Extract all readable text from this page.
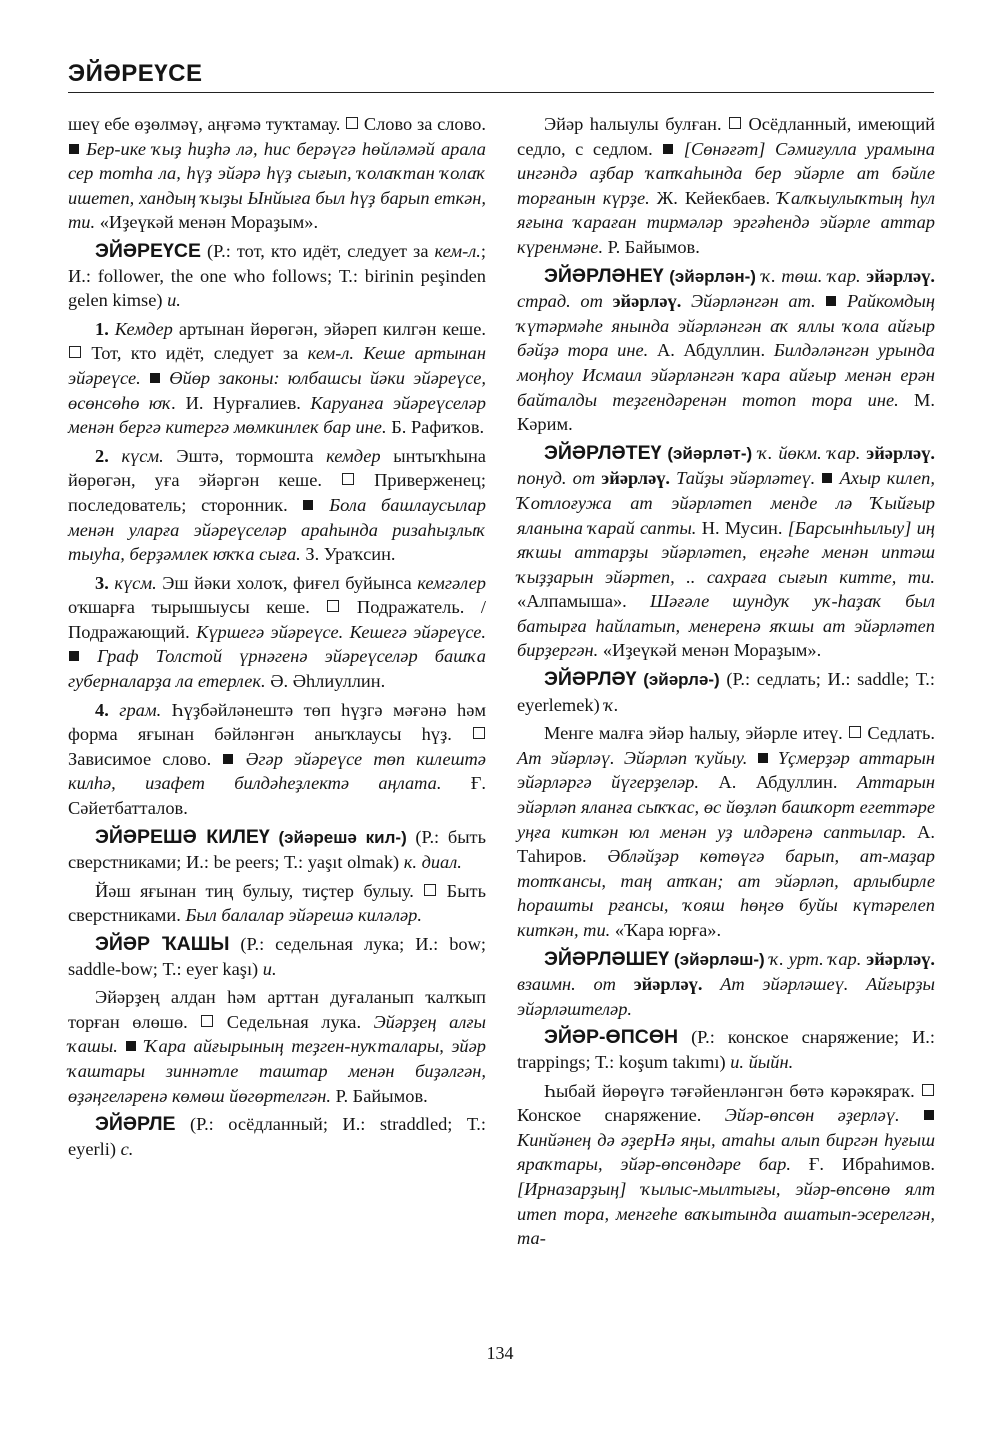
ЭЙӘРЕҮСЕ

шеү ебе өҙөлмәү, аңғәмә туҡтамау. Слово за слово.  Бер-ике ҡыҙ һиҙһә лә, һис берәүгә һөйләмәй арала сер тотһа ла, һүҙ эйәрә һүҙ сығып, ҡолаҡтан ҡолаҡ ишетеп, хандың ҡыҙы Ынйыға был һүҙ барып еткән, ти. «Иҙеүкәй менән Мораҙым».

ЭЙӘРЕҮСЕ (Р.: тот, кто идёт, следует за кем-л.; И.: follower, the one who follows; Т.: birinin peşinden gelen kimse) и.

1. Кемдер артынан йөрөгән, эйәреп килгән кеше.  Тот, кто идёт, следует за кем-л. Кеше артынан эйәреүсе. Өйөр законы: юлбашсы йәки эйәреүсе, өсөнсөһө юҡ. И. Нурғалиев. Каруанға эйәреүселәр менән бергә китергә мөмкинлек бар ине. Б. Рафиҡов.

2. күсм. Эштә, тормошта кемдер ынтыҡһына йөрөгән, уға эйәргән кеше.	Приверженец; последователь; сторонник. Бола башлаусылар менән уларға эйәреүселәр араһында ризаһыҙлыҡ тыуһа, берҙәмлек юҡҡа сыға. З. Ураҡсин.

3. күсм. Эш йәки холоҡ, фиғел буйынса кемгәлер оҡшарға тырышыусы кеше.	Подражатель. / Подражающий. Күршегә эйәреүсе. Кешегә эйәреүсе.  Граф Толстой үрнәгенә эйәреүселәр башҡа губерналарҙа ла етерлек. Ә. Әһлиуллин.

4. грам. Һүҙбәйләнештә төп һүҙгә мәғәнә һәм форма яғынан бәйләнгән аныҡлаусы һүҙ.  Зависимое слово. Әгәр эйәреүсе төп килештә килһә, изафет билдәһеҙлектә аңлата. Ғ. Сәйетбатталов.

ЭЙӘРЕШӘ КИЛЕҮ (эйәрешә кил-) (Р.: быть сверстниками; И.: be peers; Т.: yaşıt olmak) к. диал.

Йәш яғынан тиң булыу, тиҫтер булыу. Быть сверстниками. Был балалар эйәрешә киләләр.

ЭЙӘР ҠАШЫ (Р.: седельная лука; И.: bow; saddle-bow; Т.: eyer kaşı) и.

Эйәрҙең алдан һәм арттан дуғаланып ҡалҡып торған өлөшө. Седельная лука. Эйәрҙең алғы ҡашы. Ҡара айғырының теҙген-нуҡталары, эйәр ҡаштары зиннәтле таштар менән биҙәлгән, өҙәңгеләренә көмөш йөгөртелгән. Р. Байымов.

ЭЙӘРЛЕ (Р.: осёдланный; И.: straddled; Т.: eyerli) с.

Эйәр һалыулы булған. Осёдланный, имеющий седло, с седлом. [Сөнәғәт] Сәмиғулла урамына ингәндә аҙбар ҡапҡаһында бер эйәрле ат бәйле торғанын күрҙе. Ж. Кейекбаев. Ҡалҡыулыҡтың һул яғына ҡараған тирмәләр эргәһендә эйәрле аттар күренмәне. Р. Байымов.

ЭЙӘРЛӘНЕҮ (эйәрлән-) ҡ. төш. ҡар. эйәрләү. страд. от эйәрләү. Эйәрләнгән ат. Райкомдың ҡүтәрмәһе янында эйәрләнгән аҡ яллы ҡола айғыр бәйҙә тора ине. А. Абдуллин. Билдәләнгән урында моңһоу Исмаил эйәрләнгән ҡара айғыр менән ерән байталды теҙгендәренән тотоп тора ине. М. Кәрим.

ЭЙӘРЛӘТЕҮ (эйәрләт-) ҡ. йөкм. ҡар. эйәрләү. понуд. от эйәрләү. Тайҙы эйәрләтеү. Ахыр килеп, Ҡотлоғужа ат эйәрләтеп менде лә Ҡыйғыр яланына ҡарай сапты. Н. Мусин. [Барсынһылыу] иң яҡшы аттарҙы эйәрләтеп, еңгәһе менән иптәш ҡыҙҙарын эйәртеп, .. сахраға сығып китте, ти. «Алпамыша». Шәғәле шундуҡ уҡ-һаҙаҡ был батырға һайлатып, менеренә яҡшы ат эйәрләтеп бирҙергән. «Иҙеүкәй менән Мораҙым».

ЭЙӘРЛӘҮ (эйәрлә-) (Р.: седлать; И.: saddle; Т.: eyerlemek) ҡ.

Менге малға эйәр һалыу, эйәрле итеү. Седлать. Ат эйәрләү. Эйәрләп ҡуйыу. Үҫмерҙәр аттарын эйәрләргә йүгерҙеләр. А. Абдуллин. Аттарын эйәрләп яланға сыҡҡас, өс йөҙләп башҡорт егеттәре уңға киткән юл менән уҙ илдәренә саптылар. А. Таһиров. Әбләйҙәр көтөүгә барып, ат-маҙар тотҡансы, таң атҡан; ат эйәрләп, арлыбирле һорашты рғансы, ҡояш һөңгө буйы күтәрелеп киткән, ти. «Ҡара юрға».

ЭЙӘРЛӘШЕҮ (эйәрләш-) ҡ. урт. ҡар. эйәрләү. взаимн. от эйәрләү. Ат эйәрләшеү. Айғырҙы эйәрләштеләр.

ЭЙӘР-ӨПСӨН (Р.: конское снаряжение; И.: trappings; Т.: koşum takımı) и. йыйн.

Һыбай йөрөүгә тәғәйенләнгән бөтә кәрәкяраҡ.  Конское снаряжение. Эйәр-өпсөн әҙерләү.  Кинйәнең дә әҙерНә яңы, атаһы алып биргән һуғыш яраҡтары, эйәр-өпсөндәре бар. Ғ. Ибраһимов. [Ирназарҙың] ҡылыс-мылтығы, эйәр-өпсөнө ялт итеп тора, менгеһе ваҡытында ашатып-эсерелгән, та-

134
